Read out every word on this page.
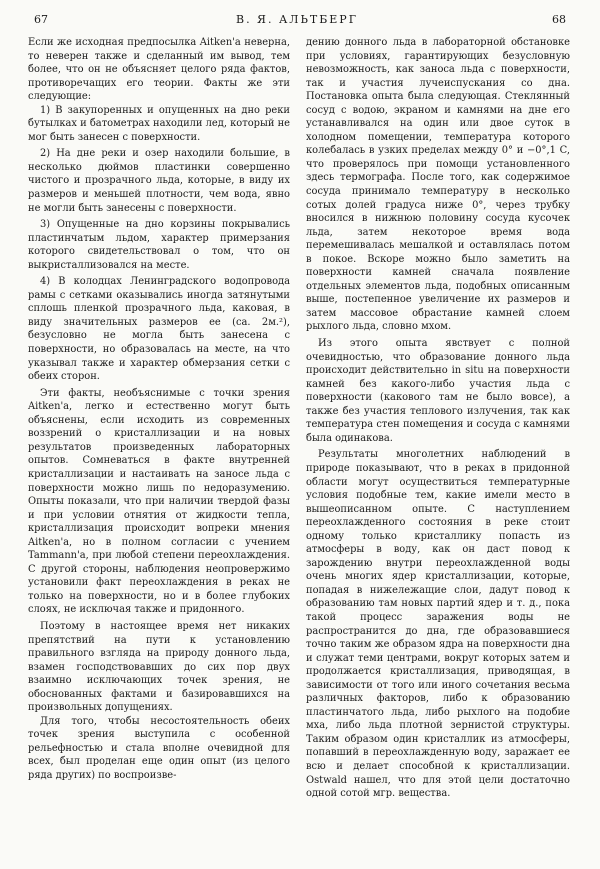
67	В. Я. АЛЬТБЕРГ	68

Если же исходная предпосылка Aitken'a неверна, то неверен также и сделанный им вывод, тем более, что он не объясняет целого ряда фактов, противоречащих его теории. Факты же эти следующие:

1) В закупоренных и опущенных на дно реки бутылках и батометрах находили лед, который не мог быть занесен с поверхности.

2) На дне реки и озер находили большие, в несколько дюймов пластинки совершенно чистого и прозрачного льда, которые, в виду их размеров и меньшей плотности, чем вода, явно не могли быть занесены с поверхности.

3) Опущенные на дно корзины покрывались пластинчатым льдом, характер примерзания которого свидетельствовал о том, что он выкристаллизовался на месте.

4) В колодцах Ленинградского водопровода рамы с сетками оказывались иногда затянутыми сплошь пленкой прозрачного льда, каковая, в виду значительных размеров ее (ca. 2м.²), безусловно не могла быть занесена с поверхности, но образовалась на месте, на что указывал также и характер обмерзания сетки с обеих сторон.

Эти факты, необъяснимые с точки зрения Aitken'a, легко и естественно могут быть объяснены, если исходить из современных воззрений о кристаллизации и на новых результатов произведенных лабораторных опытов. Сомневаться в факте внутренней кристаллизации и настаивать на заносе льда с поверхности можно лишь по недоразумению. Опыты показали, что при наличии твердой фазы и при условии отнятия от жидкости тепла, кристаллизация происходит вопреки мнения Aitken'a, но в полном согласии с учением Tammann'a, при любой степени переохлаждения. С другой стороны, наблюдения неопровержимо установили факт переохлаждения в реках не только на поверхности, но и в более глубоких слоях, не исключая также и придонного.

Поэтому в настоящее время нет никаких препятствий на пути к установлению правильного взгляда на природу донного льда, взамен господствовавших до сих пор двух взаимно исключающих точек зрения, не обоснованных фактами и базировавшихся на произвольных допущениях.

Для того, чтобы несостоятельность обеих точек зрения выступила с особенной рельефностью и стала вполне очевидной для всех, был проделан еще один опыт (из целого ряда других) по воспроизве-

дению донного льда в лабораторной обстановке при условиях, гарантирующих безусловную невозможность, как заноса льда с поверхности, так и участия лучеиспускания со дна. Постановка опыта была следующая. Стеклянный сосуд с водою, экраном и камнями на дне его устанавливался на один или двое суток в холодном помещении, температура которого колебалась в узких пределах между 0° и −0°,1 C, что проверялось при помощи установленного здесь термографа. После того, как содержимое сосуда принимало температуру в несколько сотых долей градуса ниже 0°, через трубку вносился в нижнюю половину сосуда кусочек льда, затем некоторое время вода перемешивалась мешалкой и оставлялась потом в покое. Вскоре можно было заметить на поверхности камней сначала появление отдельных элементов льда, подобных описанным выше, постепенное увеличение их размеров и затем массовое обрастание камней слоем рыхлого льда, словно мхом.

Из этого опыта явствует с полной очевидностью, что образование донного льда происходит действительно in situ на поверхности камней без какого-либо участия льда с поверхности (какового там не было вовсе), а также без участия теплового излучения, так как температура стен помещения и сосуда с камнями была одинакова.

Результаты многолетних наблюдений в природе показывают, что в реках в придонной области могут осуществиться температурные условия подобные тем, какие имели место в вышеописанном опыте. С наступлением переохлажденного состояния в реке стоит одному только кристаллику попасть из атмосферы в воду, как он даст повод к зарождению внутри переохлажденной воды очень многих ядер кристаллизации, которые, попадая в нижележащие слои, дадут повод к образованию там новых партий ядер и т. д., пока такой процесс заражения воды не распространится до дна, где образовавшиеся точно таким же образом ядра на поверхности дна и служат теми центрами, вокруг которых затем и продолжается кристаллизация, приводящая, в зависимости от того или иного сочетания весьма различных факторов, либо к образованию пластинчатого льда, либо рыхлого на подобие мха, либо льда плотной зернистой структуры. Таким образом один кристаллик из атмосферы, попавший в переохлажденную воду, заражает ее всю и делает способной к кристаллизации. Ostwald нашел, что для этой цели достаточно одной сотой мгр. вещества.
